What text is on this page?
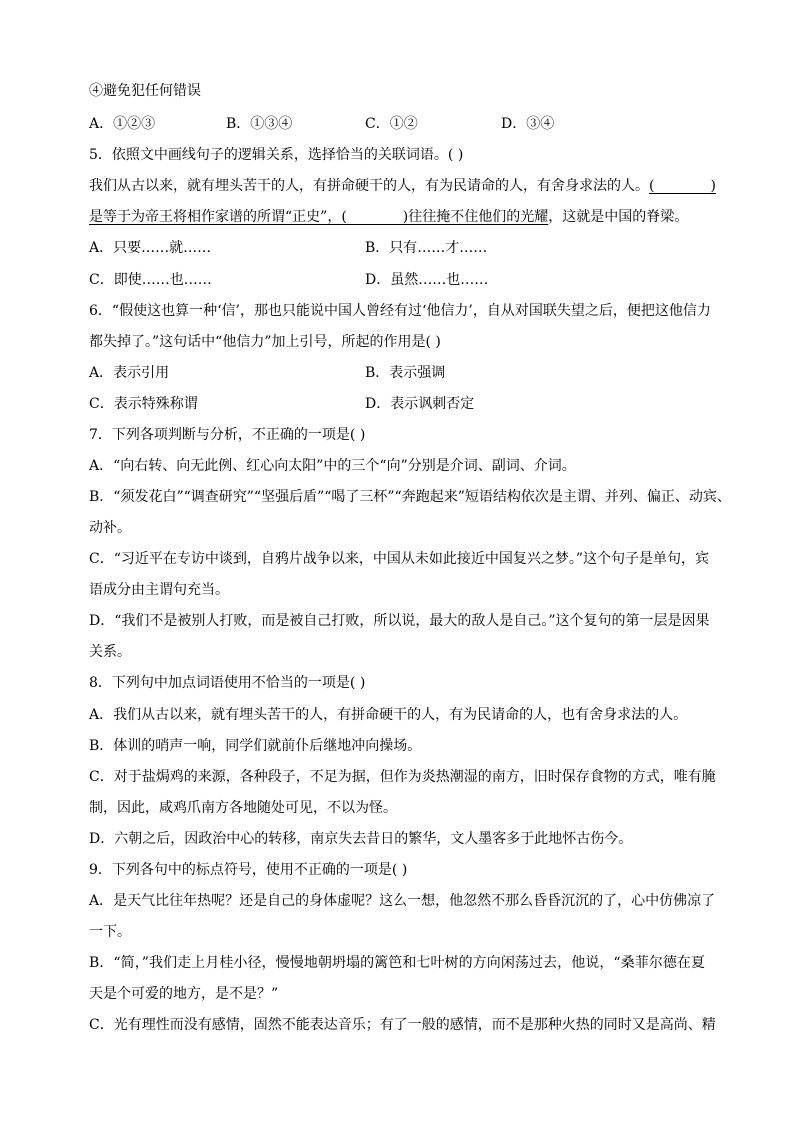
④避免犯任何错误
A．①②③	B．①③④	C．①②	D．③④
5．依照文中画线句子的逻辑关系，选择恰当的关联词语。( )
我们从古以来，就有埋头苦干的人，有拼命硬干的人，有为民请命的人，有舍身求法的人。(　　　　)
是等于为帝王将相作家谱的所谓“正史”，(　　　　)往往掩不住他们的光耀，这就是中国的脊梁。
A．只要……就……	B．只有……才……
C．即使……也……	D．虽然……也……
6．“假使这也算一种‘信’，那也只能说中国人曾经有过‘他信力’，自从对国联失望之后，便把这他信力
都失掉了。”这句话中“他信力”加上引号，所起的作用是( )
A．表示引用	B．表示强调
C．表示特殊称谓	D．表示讽刺否定
7．下列各项判断与分析，不正确的一项是( )
A．“向右转、向无此例、红心向太阳”中的三个“向”分别是介词、副词、介词。
B．“须发花白”“调查研究”“坚强后盾”“喝了三杯”“奔跑起来”短语结构依次是主谓、并列、偏正、动宾、
动补。
C．“习近平在专访中谈到，自鸦片战争以来，中国从未如此接近中国复兴之梦。”这个句子是单句，宾
语成分由主谓句充当。
D．“我们不是被别人打败，而是被自己打败，所以说，最大的敌人是自己。”这个复句的第一层是因果
关系。
8．下列句中加点词语使用不恰当的一项是( )
A．我们从古以来，就有埋头苦干的人，有拼命硬干的人，有为民请命的人，也有舍身求法的人。
B．体训的哨声一响，同学们就前仆后继地冲向操场。
C．对于盐焗鸡的来源，各种段子，不足为据，但作为炎热潮湿的南方，旧时保存食物的方式，唯有腌
制，因此，咸鸡爪南方各地随处可见，不以为怪。
D．六朝之后，因政治中心的转移，南京失去昔日的繁华，文人墨客多于此地怀古伤今。
9．下列各句中的标点符号，使用不正确的一项是( )
A．是天气比往年热呢？还是自己的身体虚呢？这么一想，他忽然不那么昏昏沉沉的了，心中仿佛凉了
一下。
B．“简，”我们走上月桂小径，慢慢地朝坍塌的篱笆和七叶树的方向闲荡过去，他说，“桑菲尔德在夏
天是个可爱的地方，是不是？”
C．光有理性而没有感情，固然不能表达音乐；有了一般的感情，而不是那种火热的同时又是高尚、精
